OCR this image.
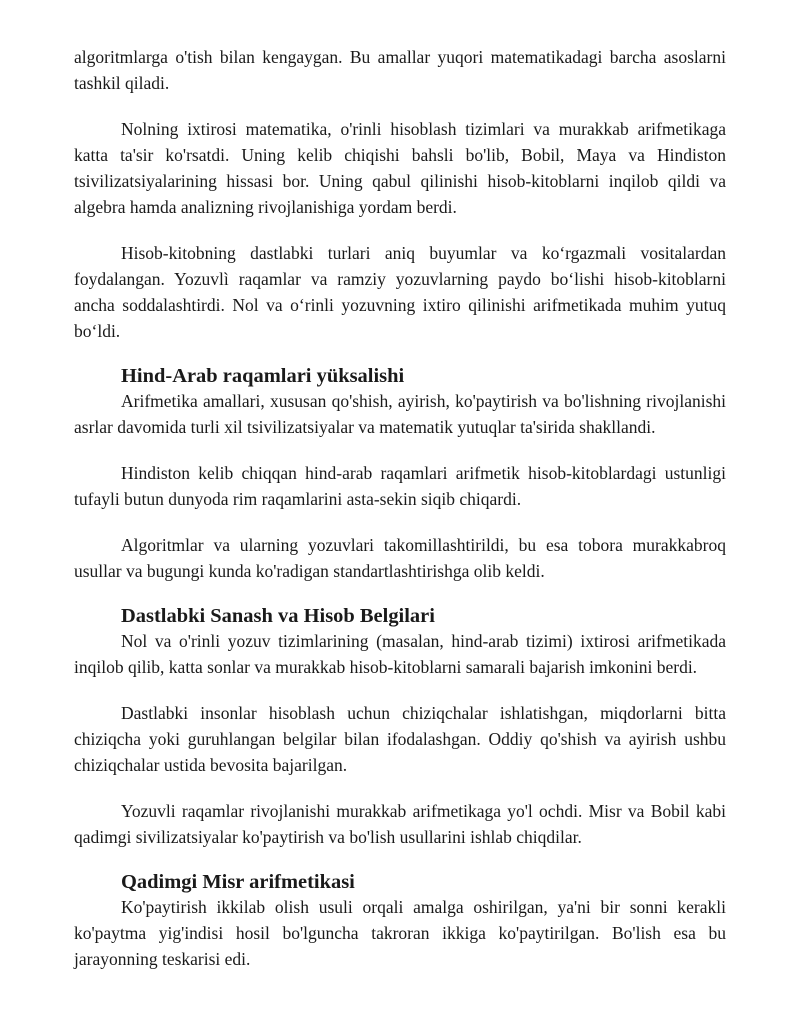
algoritmlarga o'tish bilan kengaygan. Bu amallar yuqori matematikadagi barcha asoslarni tashkil qiladi.

Nolning ixtirosi matematika, o'rinli hisoblash tizimlari va murakkab arifmetikaga katta ta'sir ko'rsatdi. Uning kelib chiqishi bahsli bo'lib, Bobil, Maya va Hindiston tsivilizatsiyalarining hissasi bor. Uning qabul qilinishi hisob-kitoblarni inqilob qildi va algebra hamda analizning rivojlanishiga yordam berdi.

Hisob-kitobning dastlabki turlari aniq buyumlar va ko‘rgazmali vositalardan foydalangan. Yozuvlì raqamlar va ramziy yozuvlarning paydo bo‘lishi hisob-kitoblarni ancha soddalashtirdi. Nol va o‘rinli yozuvning ixtiro qilinishi arifmetikada muhim yutuq bo‘ldi.

Hind-Arab raqamlari yüksalishi

Arifmetika amallari, xususan qo'shish, ayirish, ko'paytirish va bo'lishning rivojlanishi asrlar davomida turli xil tsivilizatsiyalar va matematik yutuqlar ta'sirida shakllandi.

Hindiston kelib chiqqan hind-arab raqamlari arifmetik hisob-kitoblardagi ustunligi tufayli butun dunyoda rim raqamlarini asta-sekin siqib chiqardi.

Algoritmlar va ularning yozuvlari takomillashtirildi, bu esa tobora murakkabroq usullar va bugungi kunda ko'radigan standartlashtirishga olib keldi.

Dastlabki Sanash va Hisob Belgilari

Nol va o'rinli yozuv tizimlarining (masalan, hind-arab tizimi) ixtirosi arifmetikada inqilob qilib, katta sonlar va murakkab hisob-kitoblarni samarali bajarish imkonini berdi.

Dastlabki insonlar hisoblash uchun chiziqchalar ishlatishgan, miqdorlarni bitta chiziqcha yoki guruhlangan belgilar bilan ifodalashgan. Oddiy qo'shish va ayirish ushbu chiziqchalar ustida bevosita bajarilgan.

Yozuvli raqamlar rivojlanishi murakkab arifmetikaga yo'l ochdi. Misr va Bobil kabi qadimgi sivilizatsiyalar ko'paytirish va bo'lish usullarini ishlab chiqdilar.

Qadimgi Misr arifmetikasi

Ko'paytirish ikkilab olish usuli orqali amalga oshirilgan, ya'ni bir sonni kerakli ko'paytma yig'indisi hosil bo'lguncha takroran ikkiga ko'paytirilgan. Bo'lish esa bu jarayonning teskarisi edi.
